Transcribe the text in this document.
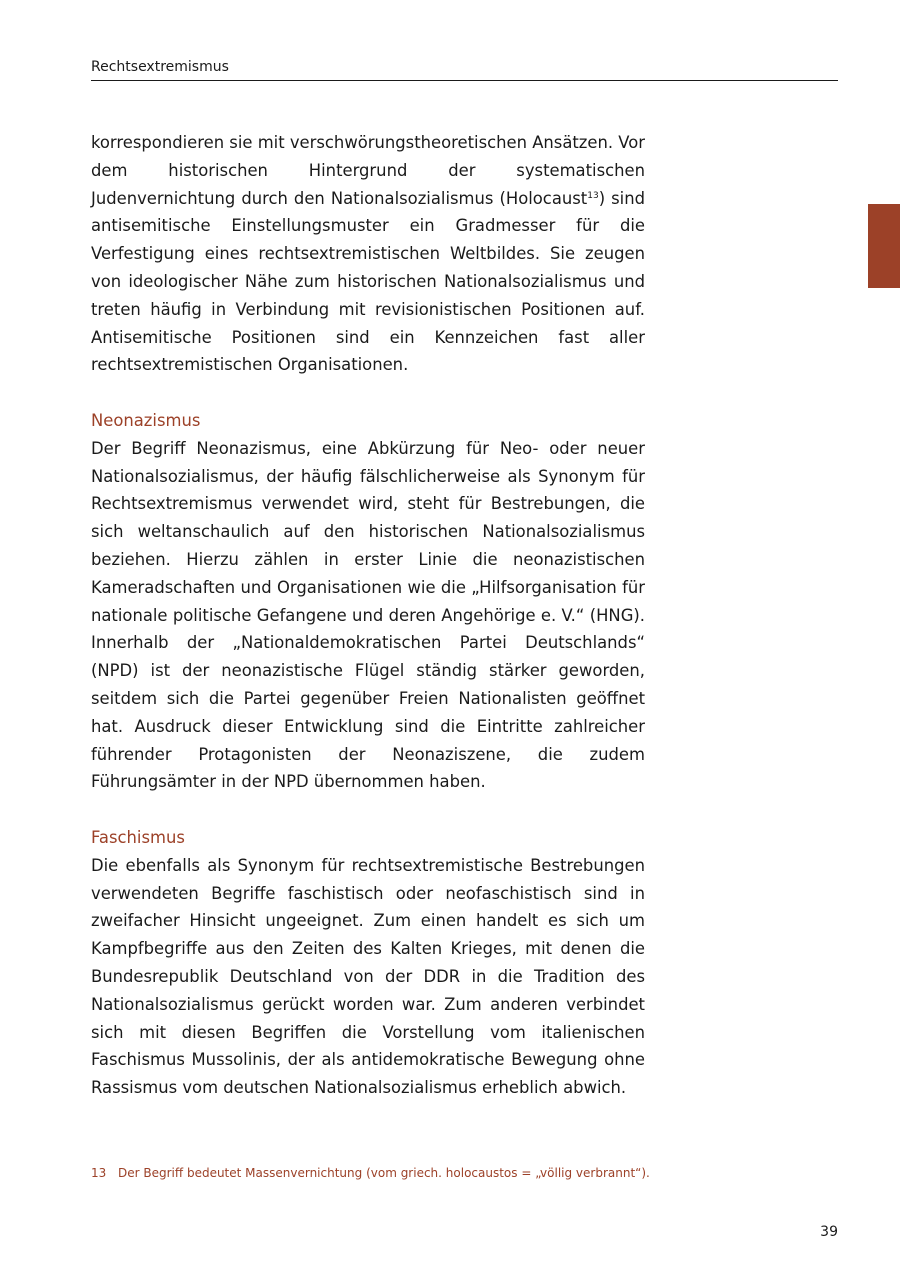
Rechtsextremismus

korrespondieren sie mit verschwörungstheoretischen Ansätzen. Vor dem historischen Hintergrund der systematischen Judenvernichtung durch den Nationalsozialismus (Holocaust$^{13}$) sind antisemitische Einstellungsmuster ein Gradmesser für die Verfestigung eines rechtsextremistischen Weltbildes. Sie zeugen von ideologischer Nähe zum historischen Nationalsozialismus und treten häufig in Verbindung mit revisionistischen Positionen auf. Antisemitische Positionen sind ein Kennzeichen fast aller rechtsextremistischen Organisationen.

Neonazismus

Der Begriff Neonazismus, eine Abkürzung für Neo- oder neuer Nationalsozialismus, der häufig fälschlicherweise als Synonym für Rechtsextremismus verwendet wird, steht für Bestrebungen, die sich weltanschaulich auf den historischen Nationalsozialismus beziehen. Hierzu zählen in erster Linie die neonazistischen Kameradschaften und Organisationen wie die „Hilfsorganisation für nationale politische Gefangene und deren Angehörige e. V.“ (HNG). Innerhalb der „Nationaldemokratischen Partei Deutschlands“ (NPD) ist der neonazistische Flügel ständig stärker geworden, seitdem sich die Partei gegenüber Freien Nationalisten geöffnet hat. Ausdruck dieser Entwicklung sind die Eintritte zahlreicher führender Protagonisten der Neonaziszene, die zudem Führungsämter in der NPD übernommen haben.

Faschismus

Die ebenfalls als Synonym für rechtsextremistische Bestrebungen verwendeten Begriffe faschistisch oder neofaschistisch sind in zweifacher Hinsicht ungeeignet. Zum einen handelt es sich um Kampfbegriffe aus den Zeiten des Kalten Krieges, mit denen die Bundesrepublik Deutschland von der DDR in die Tradition des Nationalsozialismus gerückt worden war. Zum anderen verbindet sich mit diesen Begriffen die Vorstellung vom italienischen Faschismus Mussolinis, der als antidemokratische Bewegung ohne Rassismus vom deutschen Nationalsozialismus erheblich abwich.

13 Der Begriff bedeutet Massenvernichtung (vom griech. holocaustos = „völlig verbrannt“).
39
